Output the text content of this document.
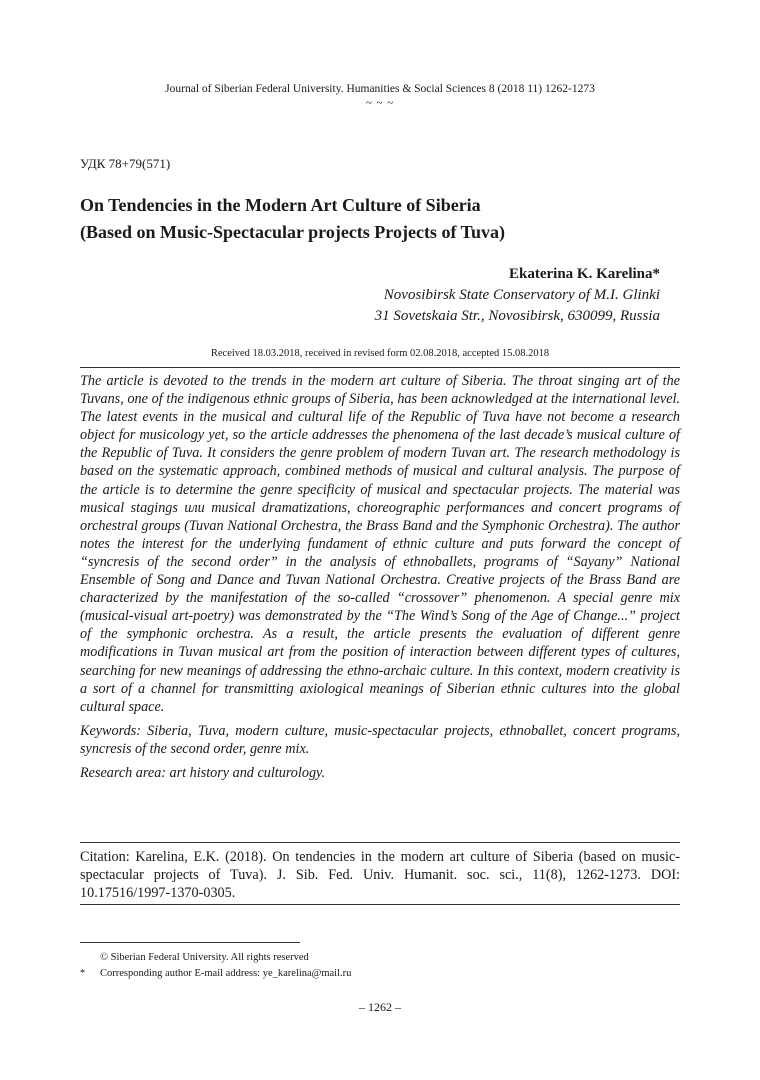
Journal of Siberian Federal University. Humanities & Social Sciences 8 (2018 11) 1262-1273
~ ~ ~
УДК 78+79(571)
On Tendencies in the Modern Art Culture of Siberia
(Based on Music-Spectacular projects Projects of Tuva)
Ekaterina K. Karelina*
Novosibirsk State Conservatory of M.I. Glinki
31 Sovetskaia Str., Novosibirsk, 630099, Russia
Received 18.03.2018, received in revised form 02.08.2018, accepted 15.08.2018

The article is devoted to the trends in the modern art culture of Siberia. The throat singing art of the Tuvans, one of the indigenous ethnic groups of Siberia, has been acknowledged at the international level. The latest events in the musical and cultural life of the Republic of Tuva have not become a research object for musicology yet, so the article addresses the phenomena of the last decade’s musical culture of the Republic of Tuva. It considers the genre problem of modern Tuvan art. The research methodology is based on the systematic approach, combined methods of musical and cultural analysis. The purpose of the article is to determine the genre specificity of musical and spectacular projects. The material was musical stagings или musical dramatizations, choreographic performances and concert programs of orchestral groups (Tuvan National Orchestra, the Brass Band and the Symphonic Orchestra). The author notes the interest for the underlying fundament of ethnic culture and puts forward the concept of “syncresis of the second order” in the analysis of ethnoballets, programs of “Sayany” National Ensemble of Song and Dance and Tuvan National Orchestra. Creative projects of the Brass Band are characterized by the manifestation of the so-called “crossover” phenomenon. A special genre mix (musical-visual art-poetry) was demonstrated by the “The Wind’s Song of the Age of Change...” project of the symphonic orchestra. As a result, the article presents the evaluation of different genre modifications in Tuvan musical art from the position of interaction between different types of cultures, searching for new meanings of addressing the ethno-archaic culture. In this context, modern creativity is a sort of a channel for transmitting axiological meanings of Siberian ethnic cultures into the global cultural space.

Keywords: Siberia, Tuva, modern culture, music-spectacular projects, ethnoballet, concert programs, syncresis of the second order, genre mix.

Research area: art history and culturology.

Citation: Karelina, E.K. (2018). On tendencies in the modern art culture of Siberia (based on music-spectacular projects of Tuva). J. Sib. Fed. Univ. Humanit. soc. sci., 11(8), 1262-1273. DOI: 10.17516/1997-1370-0305.
© Siberian Federal University. All rights reserved
*	Corresponding author E-mail address: ye_karelina@mail.ru
– 1262 –
